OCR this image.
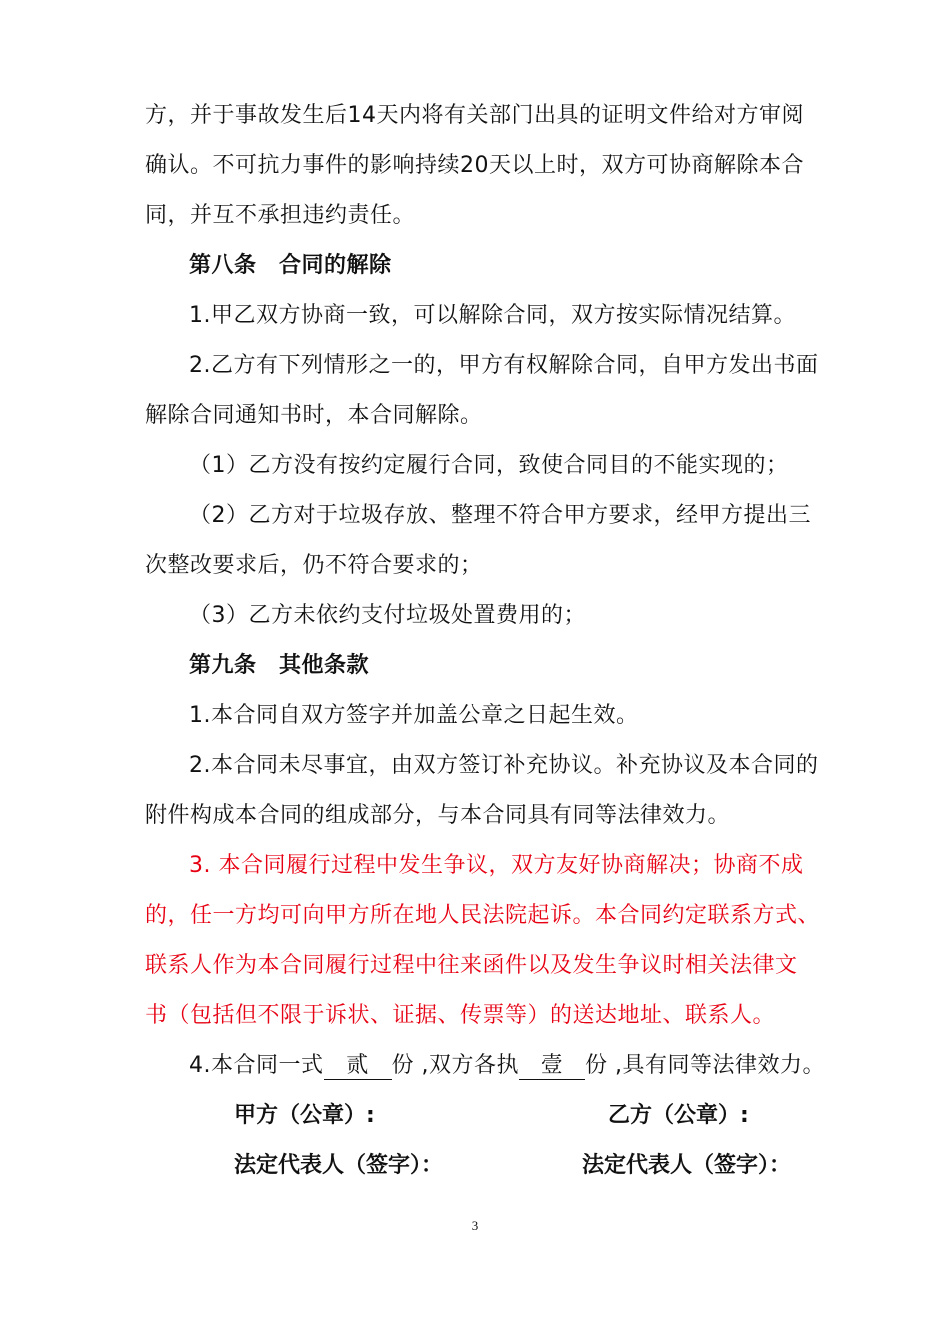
方，并于事故发生后14天内将有关部门出具的证明文件给对方审阅
确认。不可抗力事件的影响持续20天以上时，双方可协商解除本合
同，并互不承担违约责任。
第八条　合同的解除
1.甲乙双方协商一致，可以解除合同，双方按实际情况结算。
2.乙方有下列情形之一的，甲方有权解除合同，自甲方发出书面
解除合同通知书时，本合同解除。
（1）乙方没有按约定履行合同，致使合同目的不能实现的；
（2）乙方对于垃圾存放、整理不符合甲方要求，经甲方提出三
次整改要求后，仍不符合要求的；
（3）乙方未依约支付垃圾处置费用的；
第九条　其他条款
1.本合同自双方签字并加盖公章之日起生效。
2.本合同未尽事宜，由双方签订补充协议。补充协议及本合同的
附件构成本合同的组成部分，与本合同具有同等法律效力。
3. 本合同履行过程中发生争议，双方友好协商解决；协商不成
的，任一方均可向甲方所在地人民法院起诉。本合同约定联系方式、
联系人作为本合同履行过程中往来函件以及发生争议时相关法律文
书（包括但不限于诉状、证据、传票等）的送达地址、联系人。
4.本合同一式 贰 份 ,双方各执 壹 份 ,具有同等法律效力。
甲方（公章）:	乙方（公章）:
法定代表人（签字）：	法定代表人（签字）：
3
